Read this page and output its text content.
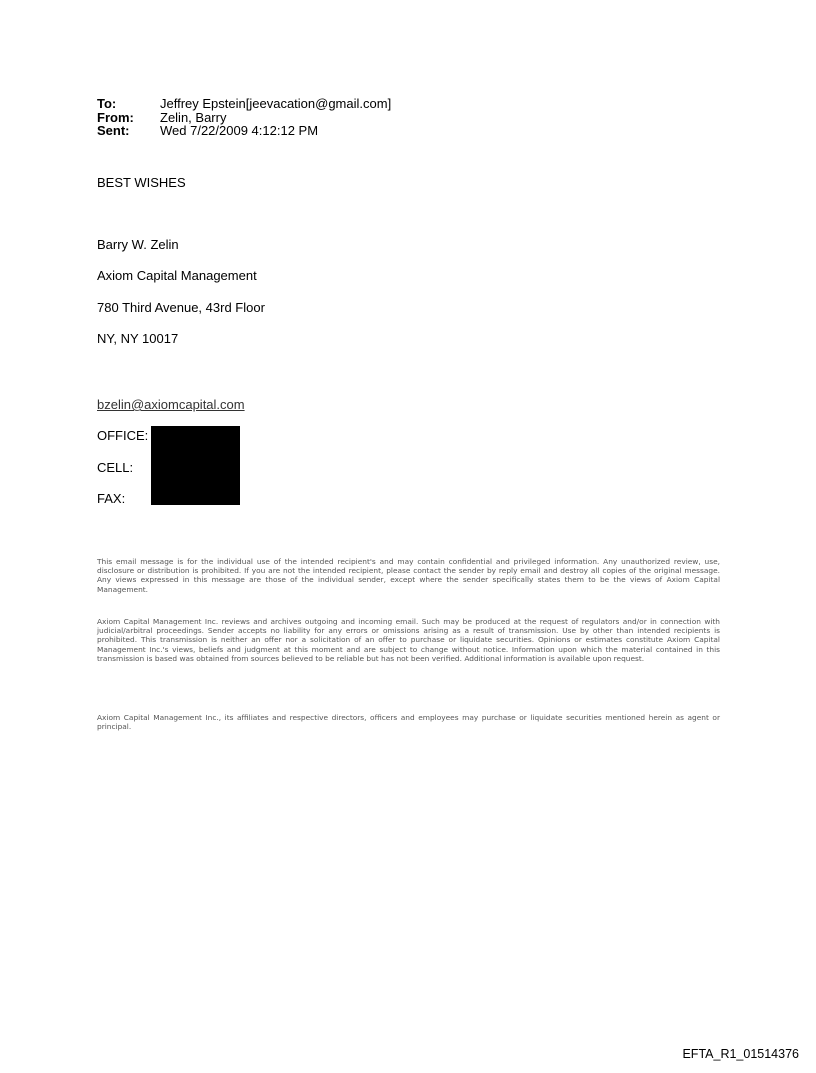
To:	Jeffrey Epstein[jeevacation@gmail.com]
From:	Zelin, Barry
Sent:	Wed 7/22/2009 4:12:12 PM
BEST WISHES
Barry W. Zelin
Axiom Capital Management
780 Third Avenue, 43rd Floor
NY, NY 10017
bzelin@axiomcapital.com
OFFICE:
CELL:
FAX:

This email message is for the individual use of the intended recipient's and may contain confidential and privileged information. Any unauthorized review, use, disclosure or distribution is prohibited. If you are not the intended recipient, please contact the sender by reply email and destroy all copies of the original message. Any views expressed in this message are those of the individual sender, except where the sender specifically states them to be the views of Axiom Capital Management.

Axiom Capital Management Inc. reviews and archives outgoing and incoming email. Such may be produced at the request of regulators and/or in connection with judicial/arbitral proceedings. Sender accepts no liability for any errors or omissions arising as a result of transmission. Use by other than intended recipients is prohibited. This transmission is neither an offer nor a solicitation of an offer to purchase or liquidate securities. Opinions or estimates constitute Axiom Capital Management Inc.'s views, beliefs and judgment at this moment and are subject to change without notice. Information upon which the material contained in this transmission is based was obtained from sources believed to be reliable but has not been verified. Additional information is available upon request.

Axiom Capital Management Inc., its affiliates and respective directors, officers and employees may purchase or liquidate securities mentioned herein as agent or principal.

EFTA_R1_01514376
